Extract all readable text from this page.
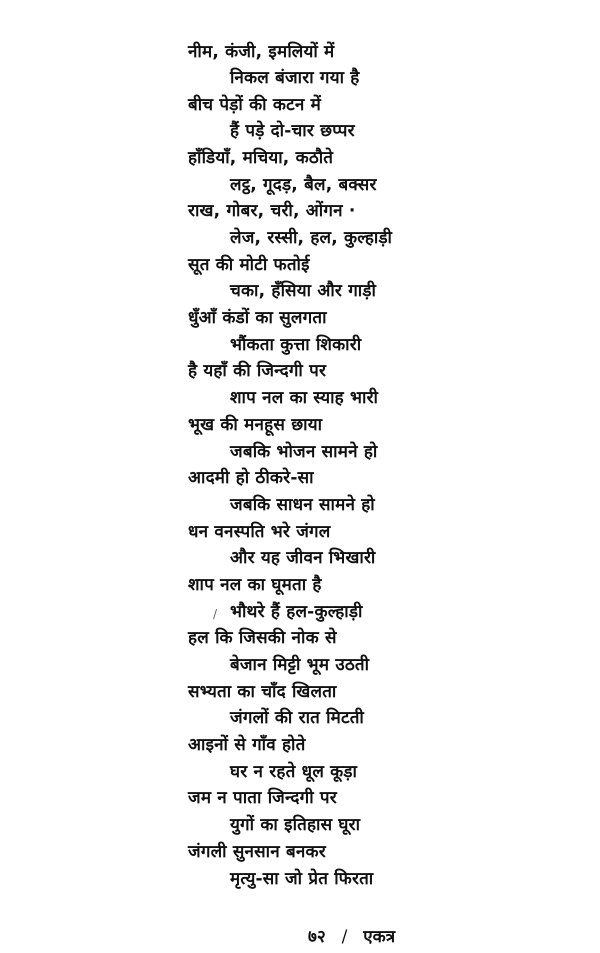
नीम, कंजी, इमलियों में
निकल बंजारा गया है
बीच पेड़ों की कटन में
हैं पड़े दो-चार छप्पर
हाँडियाँ, मचिया, कठौते
लट्ठ, गूदड़, बैल, बक्सर
राख, गोबर, चरी, ओंगन ·
लेज, रस्सी, हल, कुल्हाड़ी
सूत की मोटी फतोई
चका, हँसिया और गाड़ी
धुँआँ कंडों का सुलगता
भौंकता कुत्ता शिकारी
है यहाँ की जिन्दगी पर
शाप नल का स्याह भारी
भूख की मनहूस छाया
जबकि भोजन सामने हो
आदमी हो ठीकरे-सा
जबकि साधन सामने हो
धन वनस्पति भरे जंगल
और यह जीवन भिखारी
शाप नल का घूमता है
भौथरे हैं हल-कुल्हाड़ी
हल कि जिसकी नोक से
बेजान मिट्टी भूम उठती
सभ्यता का चाँद खिलता
जंगलों की रात मिटती
आइनों से गाँव होते
घर न रहते धूल कूड़ा
जम न पाता जिन्दगी पर
युगों का इतिहास घूरा
जंगली सुनसान बनकर
मृत्यु-सा जो प्रेत फिरता
/
७२ / एकत्र
